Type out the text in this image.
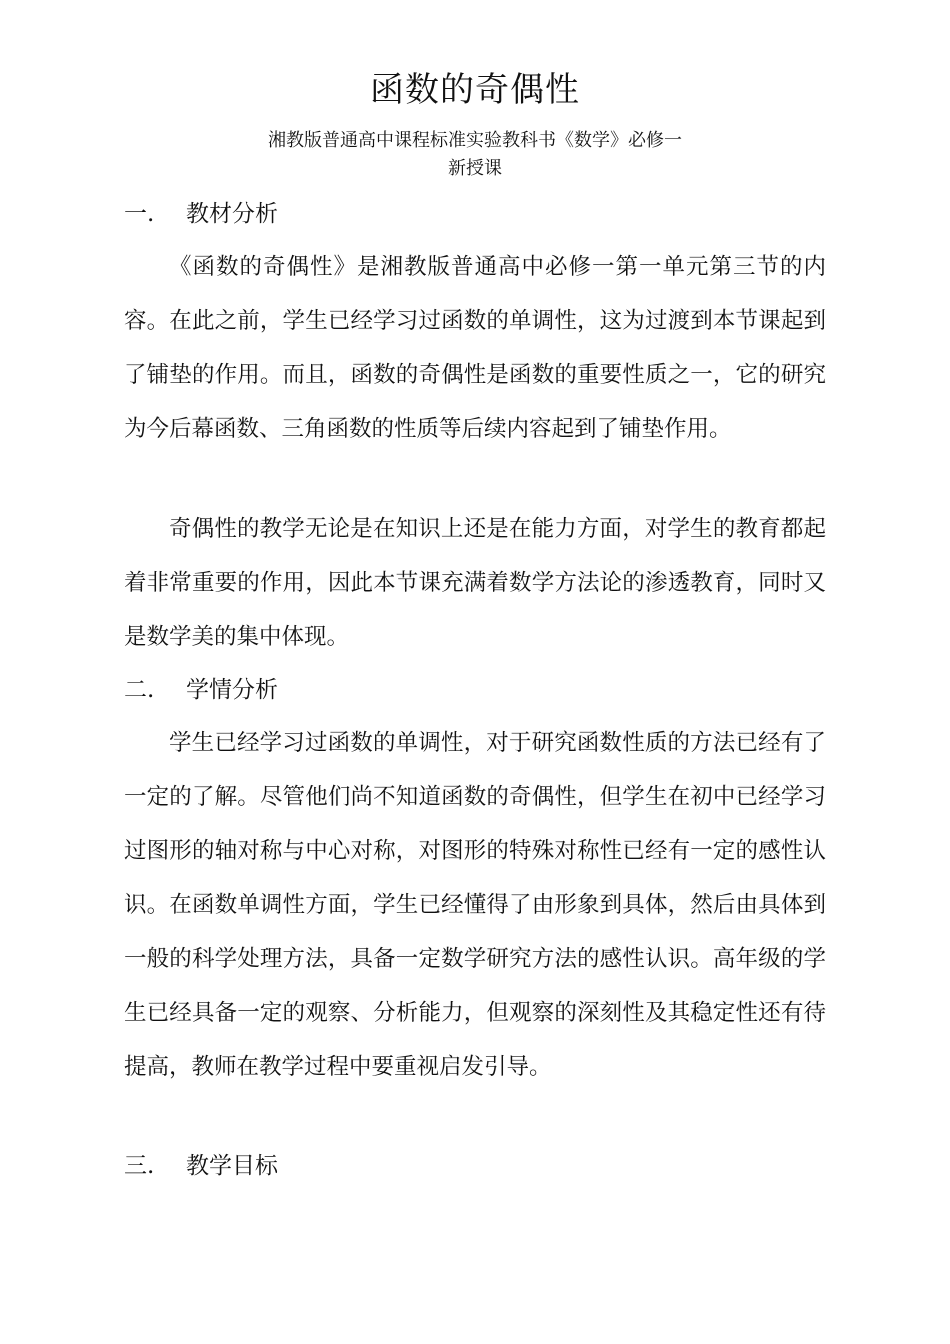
函数的奇偶性
湘教版普通高中课程标准实验教科书《数学》必修一
新授课
一. 教材分析

《函数的奇偶性》是湘教版普通高中必修一第一单元第三节的内容。在此之前，学生已经学习过函数的单调性，这为过渡到本节课起到了铺垫的作用。而且，函数的奇偶性是函数的重要性质之一，它的研究为今后幕函数、三角函数的性质等后续内容起到了铺垫作用。

奇偶性的教学无论是在知识上还是在能力方面，对学生的教育都起着非常重要的作用，因此本节课充满着数学方法论的渗透教育，同时又是数学美的集中体现。

二. 学情分析

学生已经学习过函数的单调性，对于研究函数性质的方法已经有了一定的了解。尽管他们尚不知道函数的奇偶性，但学生在初中已经学习过图形的轴对称与中心对称，对图形的特殊对称性已经有一定的感性认识。在函数单调性方面，学生已经懂得了由形象到具体，然后由具体到一般的科学处理方法，具备一定数学研究方法的感性认识。高年级的学生已经具备一定的观察、分析能力，但观察的深刻性及其稳定性还有待提高，教师在教学过程中要重视启发引导。

三. 教学目标
